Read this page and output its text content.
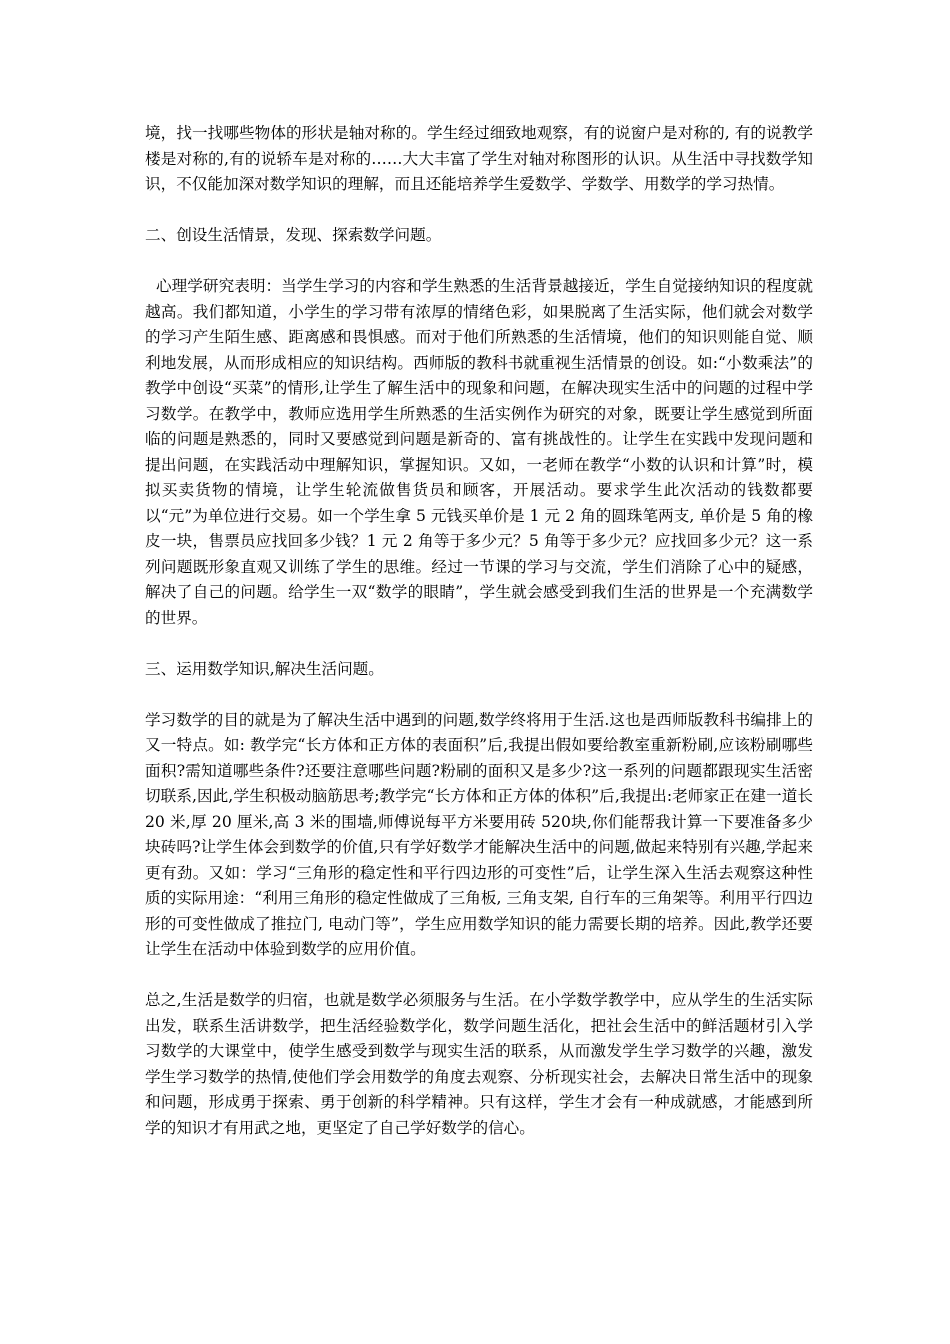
境，找一找哪些物体的形状是轴对称的。学生经过细致地观察，有的说窗户是对称的, 有的说教学楼是对称的,有的说轿车是对称的……大大丰富了学生对轴对称图形的认识。从生活中寻找数学知识，不仅能加深对数学知识的理解，而且还能培养学生爱数学、学数学、用数学的学习热情。

二、创设生活情景，发现、探索数学问题。

心理学研究表明：当学生学习的内容和学生熟悉的生活背景越接近，学生自觉接纳知识的程度就越高。我们都知道，小学生的学习带有浓厚的情绪色彩，如果脱离了生活实际，他们就会对数学的学习产生陌生感、距离感和畏惧感。而对于他们所熟悉的生活情境，他们的知识则能自觉、顺利地发展，从而形成相应的知识结构。西师版的教科书就重视生活情景的创设。如:“小数乘法”的教学中创设“买菜”的情形,让学生了解生活中的现象和问题，在解决现实生活中的问题的过程中学习数学。在教学中，教师应选用学生所熟悉的生活实例作为研究的对象，既要让学生感觉到所面临的问题是熟悉的，同时又要感觉到问题是新奇的、富有挑战性的。让学生在实践中发现问题和提出问题，在实践活动中理解知识，掌握知识。又如，一老师在教学“小数的认识和计算”时，模拟买卖货物的情境，让学生轮流做售货员和顾客，开展活动。要求学生此次活动的钱数都要以“元”为单位进行交易。如一个学生拿 5 元钱买单价是 1 元 2 角的圆珠笔两支, 单价是 5 角的橡皮一块，售票员应找回多少钱？1 元 2 角等于多少元？5 角等于多少元？应找回多少元？这一系列问题既形象直观又训练了学生的思维。经过一节课的学习与交流，学生们消除了心中的疑感，解决了自己的问题。给学生一双“数学的眼睛”，学生就会感受到我们生活的世界是一个充满数学的世界。

三、运用数学知识,解决生活问题。

学习数学的目的就是为了解决生活中遇到的问题,数学终将用于生活.这也是西师版教科书编排上的又一特点。如: 教学完“长方体和正方体的表面积”后,我提出假如要给教室重新粉刷,应该粉刷哪些面积?需知道哪些条件?还要注意哪些问题?粉刷的面积又是多少?这一系列的问题都跟现实生活密切联系,因此,学生积极动脑筋思考;教学完“长方体和正方体的体积”后,我提出:老师家正在建一道长 20 米,厚 20 厘米,高 3 米的围墙,师傅说每平方米要用砖 520块,你们能帮我计算一下要准备多少块砖吗?让学生体会到数学的价值,只有学好数学才能解决生活中的问题,做起来特别有兴趣,学起来更有劲。又如：学习“三角形的稳定性和平行四边形的可变性”后，让学生深入生活去观察这种性质的实际用途：“利用三角形的稳定性做成了三角板, 三角支架, 自行车的三角架等。利用平行四边形的可变性做成了推拉门, 电动门等”，学生应用数学知识的能力需要长期的培养。因此,教学还要让学生在活动中体验到数学的应用价值。

总之,生活是数学的归宿，也就是数学必须服务与生活。在小学数学教学中，应从学生的生活实际出发，联系生活讲数学，把生活经验数学化，数学问题生活化，把社会生活中的鲜活题材引入学习数学的大课堂中，使学生感受到数学与现实生活的联系，从而激发学生学习数学的兴趣，激发学生学习数学的热情,使他们学会用数学的角度去观察、分析现实社会，去解决日常生活中的现象和问题，形成勇于探索、勇于创新的科学精神。只有这样，学生才会有一种成就感，才能感到所学的知识才有用武之地，更坚定了自己学好数学的信心。
